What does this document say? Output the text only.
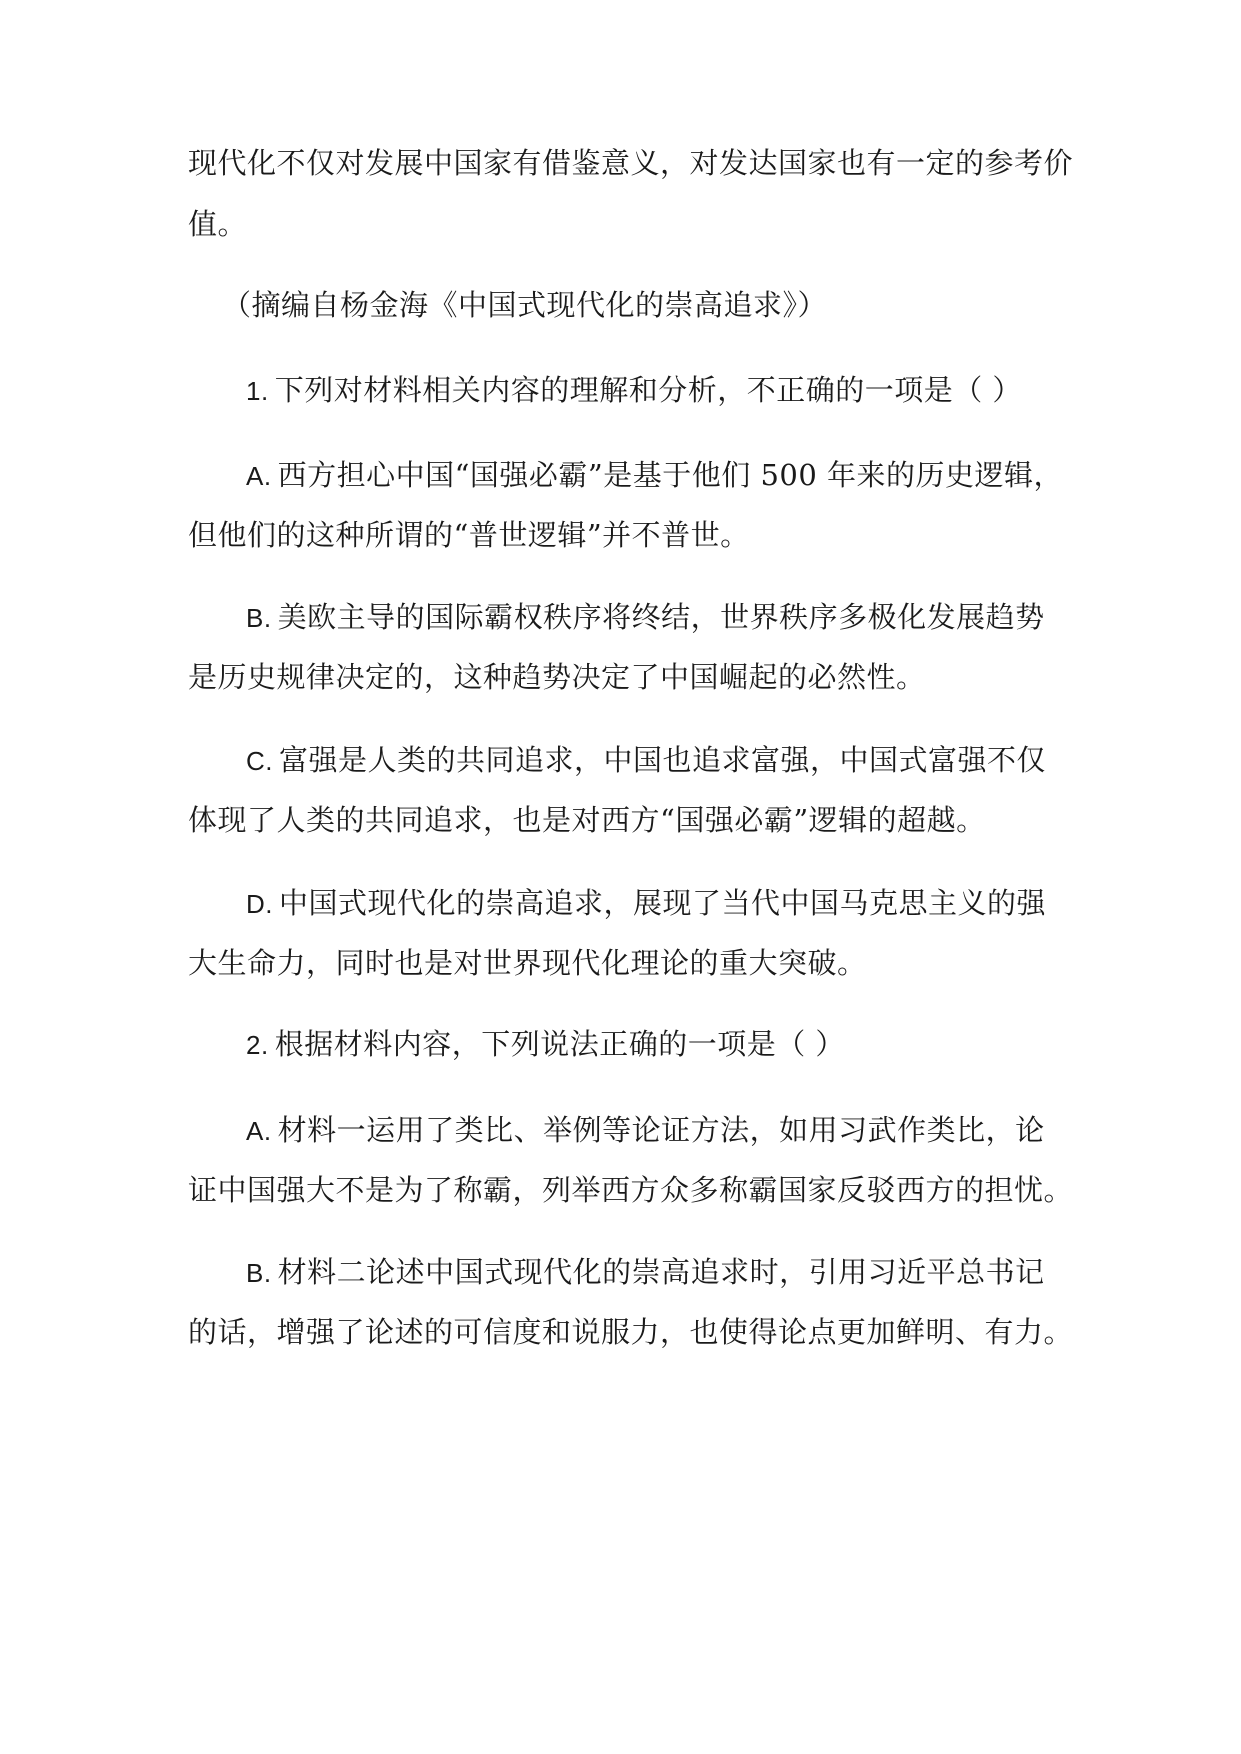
现代化不仅对发展中国家有借鉴意义，对发达国家也有一定的参考价
值。
（摘编自杨金海《中国式现代化的崇高追求》）
1. 下列对材料相关内容的理解和分析，不正确的一项是（ ）
A. 西方担心中国“国强必霸”是基于他们 500 年来的历史逻辑，
但他们的这种所谓的“普世逻辑”并不普世。
B. 美欧主导的国际霸权秩序将终结，世界秩序多极化发展趋势
是历史规律决定的，这种趋势决定了中国崛起的必然性。
C. 富强是人类的共同追求，中国也追求富强，中国式富强不仅
体现了人类的共同追求，也是对西方“国强必霸”逻辑的超越。
D. 中国式现代化的崇高追求，展现了当代中国马克思主义的强
大生命力，同时也是对世界现代化理论的重大突破。
2. 根据材料内容，下列说法正确的一项是（ ）
A. 材料一运用了类比、举例等论证方法，如用习武作类比，论
证中国强大不是为了称霸，列举西方众多称霸国家反驳西方的担忧。
B. 材料二论述中国式现代化的崇高追求时，引用习近平总书记
的话，增强了论述的可信度和说服力，也使得论点更加鲜明、有力。
